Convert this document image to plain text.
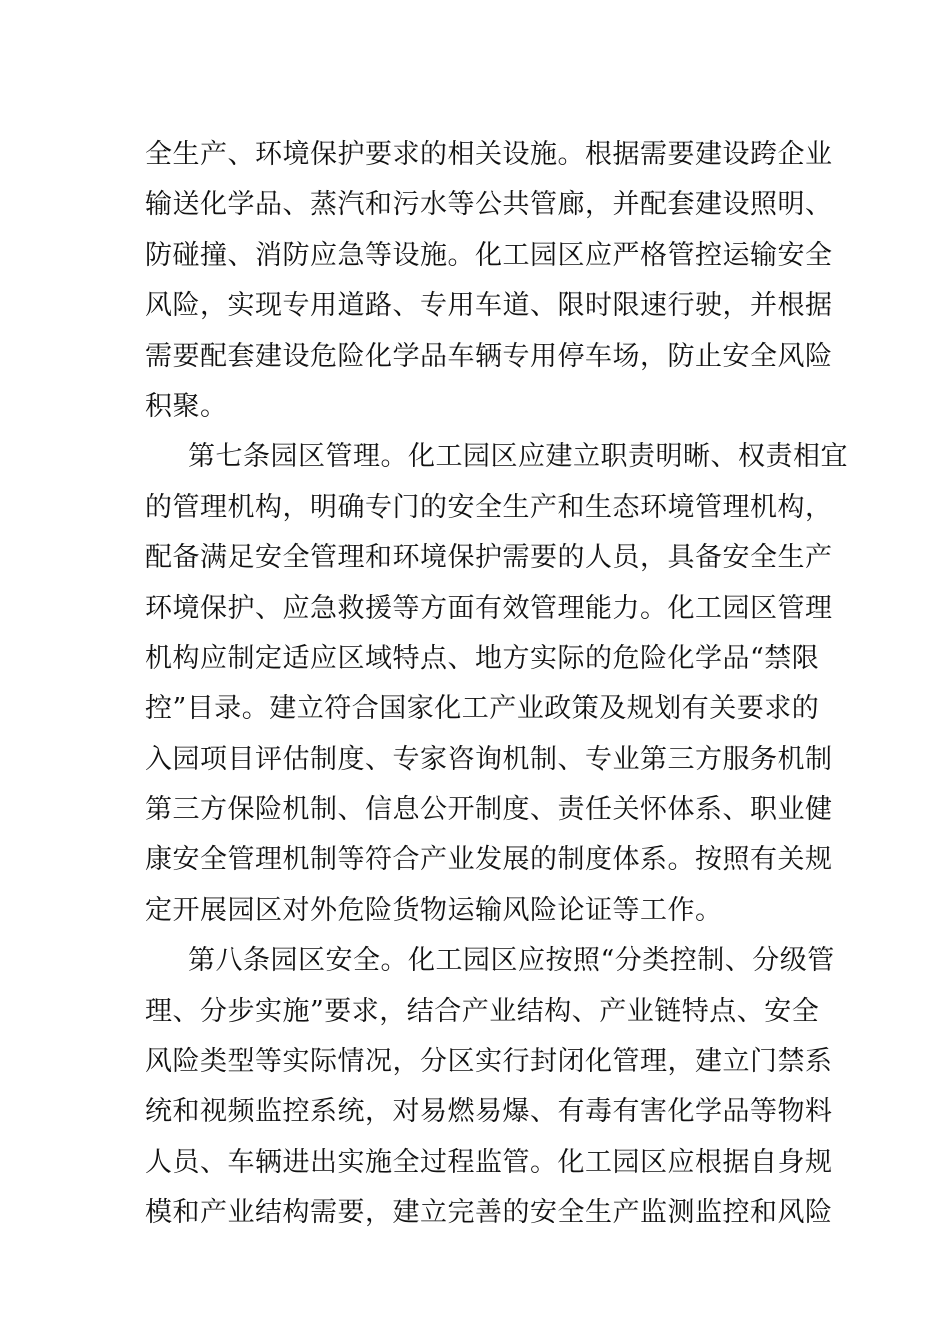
全生产、环境保护要求的相关设施。根据需要建设跨企业
输送化学品、蒸汽和污水等公共管廊，并配套建设照明、
防碰撞、消防应急等设施。化工园区应严格管控运输安全
风险，实现专用道路、专用车道、限时限速行驶，并根据
需要配套建设危险化学品车辆专用停车场，防止安全风险
积聚。
第七条园区管理。化工园区应建立职责明晰、权责相宜
的管理机构，明确专门的安全生产和生态环境管理机构，
配备满足安全管理和环境保护需要的人员，具备安全生产
环境保护、应急救援等方面有效管理能力。化工园区管理
机构应制定适应区域特点、地方实际的危险化学品“禁限
控”目录。建立符合国家化工产业政策及规划有关要求的
入园项目评估制度、专家咨询机制、专业第三方服务机制
第三方保险机制、信息公开制度、责任关怀体系、职业健
康安全管理机制等符合产业发展的制度体系。按照有关规
定开展园区对外危险货物运输风险论证等工作。
第八条园区安全。化工园区应按照“分类控制、分级管
理、分步实施”要求，结合产业结构、产业链特点、安全
风险类型等实际情况，分区实行封闭化管理，建立门禁系
统和视频监控系统，对易燃易爆、有毒有害化学品等物料
人员、车辆进出实施全过程监管。化工园区应根据自身规
模和产业结构需要，建立完善的安全生产监测监控和风险
